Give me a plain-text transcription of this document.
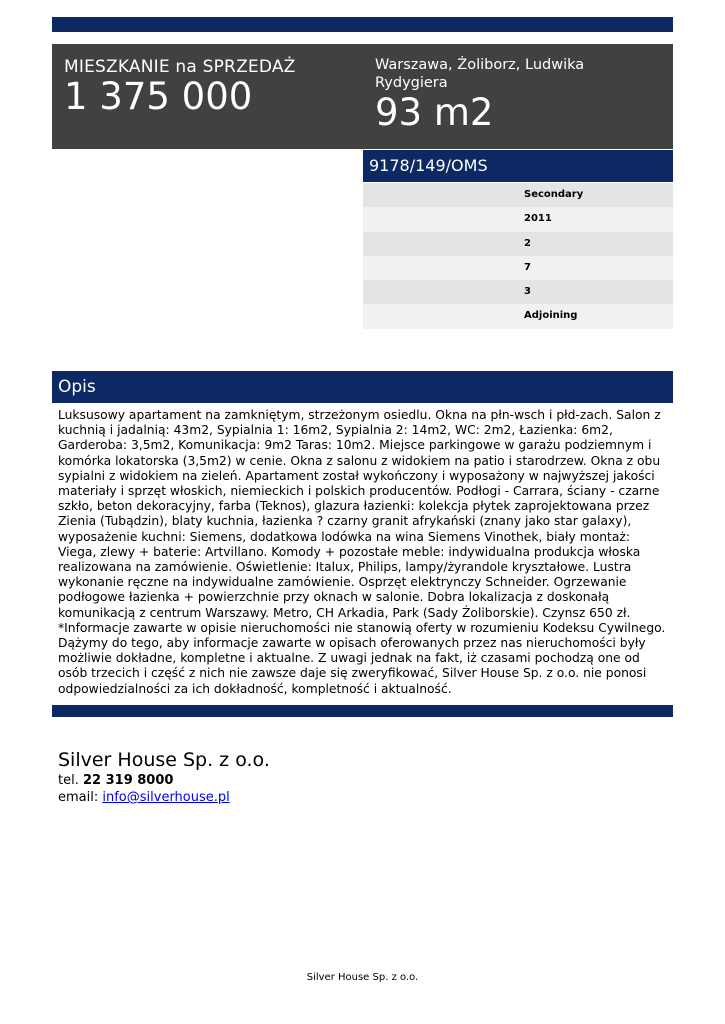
MIESZKANIE na SPRZEDAŻ
1 375 000
Warszawa, Żoliborz, Ludwika Rydygiera
93 m2
9178/149/OMS
Secondary
2011
2
7
3
Adjoining
Opis

Luksusowy apartament na zamkniętym, strzeżonym osiedlu. Okna na płn-wsch i płd-zach. Salon z kuchnią i jadalnią: 43m2, Sypialnia 1: 16m2, Sypialnia 2: 14m2, WC: 2m2, Łazienka: 6m2, Garderoba: 3,5m2, Komunikacja: 9m2 Taras: 10m2. Miejsce parkingowe w garażu podziemnym i komórka lokatorska (3,5m2) w cenie. Okna z salonu z widokiem na patio i starodrzew. Okna z obu sypialni z widokiem na zieleń. Apartament został wykończony i wyposażony w najwyższej jakości materiały i sprzęt włoskich, niemieckich i polskich producentów. Podłogi - Carrara, ściany - czarne szkło, beton dekoracyjny, farba (Teknos), glazura łazienki: kolekcja płytek zaprojektowana przez Zienia (Tubądzin), blaty kuchnia, łazienka ? czarny granit afrykański (znany jako star galaxy), wyposażenie kuchni: Siemens, dodatkowa lodówka na wina Siemens Vinothek, biały montaż: Viega, zlewy + baterie: Artvillano. Komody + pozostałe meble: indywidualna produkcja włoska realizowana na zamówienie. Oświetlenie: Italux, Philips, lampy/żyrandole kryształowe. Lustra wykonanie ręczne na indywidualne zamówienie. Osprzęt elektrynczy Schneider. Ogrzewanie podłogowe łazienka + powierzchnie przy oknach w salonie. Dobra lokalizacja z doskonałą komunikacją z centrum Warszawy. Metro, CH Arkadia, Park (Sady Żoliborskie). Czynsz 650 zł.
*Informacje zawarte w opisie nieruchomości nie stanowią oferty w rozumieniu Kodeksu Cywilnego. Dążymy do tego, aby informacje zawarte w opisach oferowanych przez nas nieruchomości były możliwie dokładne, kompletne i aktualne. Z uwagi jednak na fakt, iż czasami pochodzą one od osób trzecich i część z nich nie zawsze daje się zweryfikować, Silver House Sp. z o.o. nie ponosi odpowiedzialności za ich dokładność, kompletność i aktualność.

Silver House Sp. z o.o.
tel. 22 319 8000
email: info@silverhouse.pl
Silver House Sp. z o.o.
